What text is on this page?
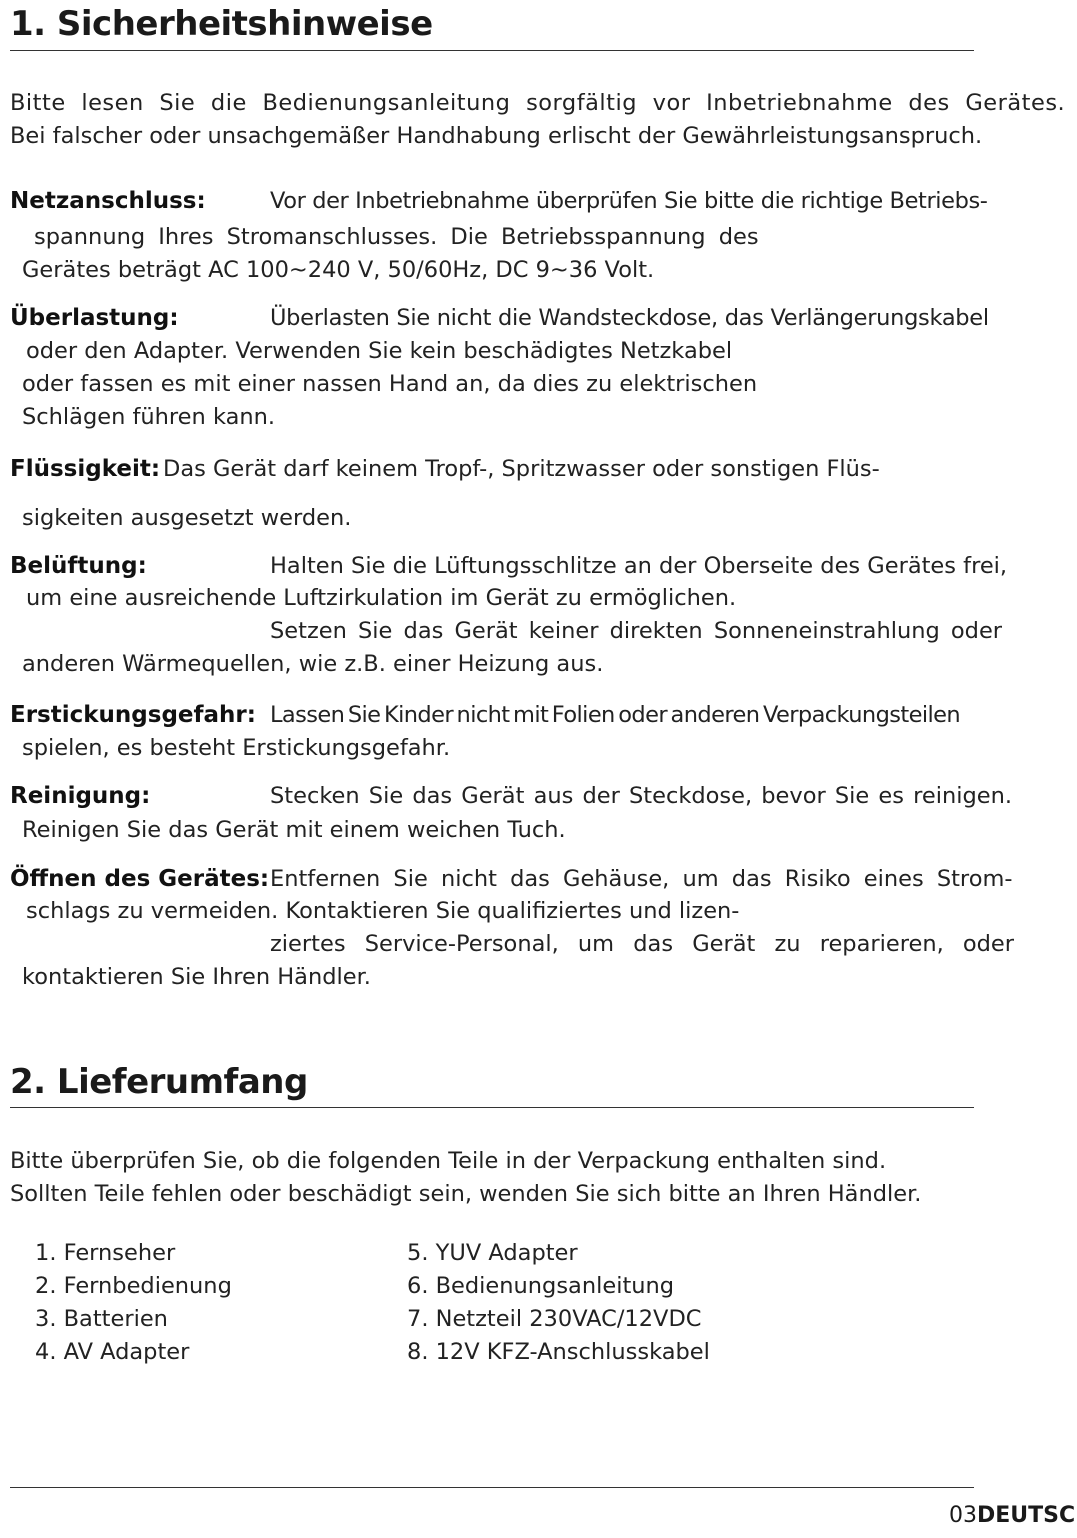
1. Sicherheitshinweise
Bitte lesen Sie die Bedienungsanleitung sorgfältig vor Inbetriebnahme des Gerätes.
Bei falscher oder unsachgemäßer Handhabung erlischt der Gewährleistungsanspruch.
Netzanschluss:	Vor der Inbetriebnahme überprüfen Sie bitte die richtige Betriebs-
spannung Ihres Stromanschlusses. Die Betriebsspannung des
Gerätes beträgt AC 100~240 V, 50/60Hz, DC 9~36 Volt.
Überlastung:	Überlasten Sie nicht die Wandsteckdose, das Verlängerungskabel
oder den Adapter. Verwenden Sie kein beschädigtes Netzkabel
oder fassen es mit einer nassen Hand an, da dies zu elektrischen
Schlägen führen kann.
Flüssigkeit: Das Gerät darf keinem Tropf-, Spritzwasser oder sonstigen Flüs-
sigkeiten ausgesetzt werden.
Belüftung:	Halten Sie die Lüftungsschlitze an der Oberseite des Gerätes frei,
um eine ausreichende Luftzirkulation im Gerät zu ermöglichen.
Setzen Sie das Gerät keiner direkten Sonneneinstrahlung oder
anderen Wärmequellen, wie z.B. einer Heizung aus.
Erstickungsgefahr: Lassen Sie Kinder nicht mit Folien oder anderen Verpackungsteilen
spielen, es besteht Erstickungsgefahr.
Reinigung:	Stecken Sie das Gerät aus der Steckdose, bevor Sie es reinigen.
Reinigen Sie das Gerät mit einem weichen Tuch.
Öffnen des Gerätes: Entfernen Sie nicht das Gehäuse, um das Risiko eines Strom-
schlags zu vermeiden. Kontaktieren Sie qualifiziertes und lizen-
ziertes Service-Personal, um das Gerät zu reparieren, oder
kontaktieren Sie Ihren Händler.
2. Lieferumfang
Bitte überprüfen Sie, ob die folgenden Teile in der Verpackung enthalten sind.
Sollten Teile fehlen oder beschädigt sein, wenden Sie sich bitte an Ihren Händler.
1. Fernseher
2. Fernbedienung
3. Batterien
4. AV Adapter
5. YUV Adapter
6. Bedienungsanleitung
7. Netzteil 230VAC/12VDC
8. 12V KFZ-Anschlusskabel
03DEUTSC
